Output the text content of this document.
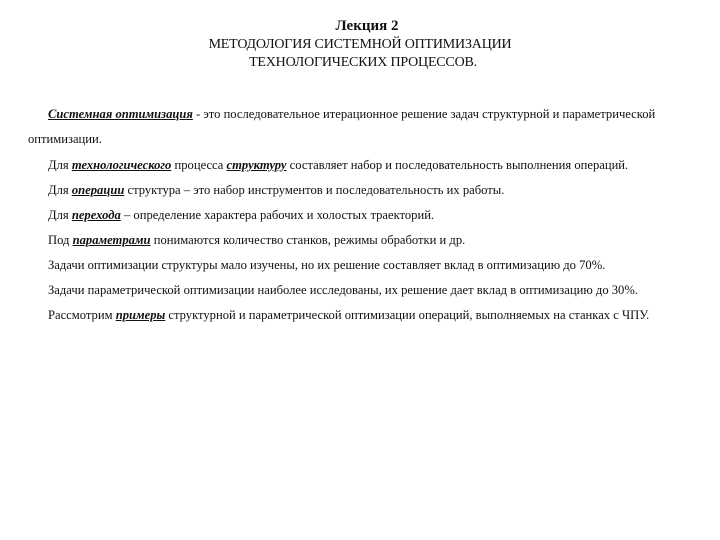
Лекция 2
МЕТОДОЛОГИЯ СИСТЕМНОЙ ОПТИМИЗАЦИИ
ТЕХНОЛОГИЧЕСКИХ ПРОЦЕССОВ.

Системная оптимизация - это последовательное итерационное решение задач структурной и параметрической оптимизации.

Для технологического процесса структуру составляет набор и последовательность выполнения операций.

Для операции структура – это набор инструментов и последовательность их работы.

Для перехода – определение характера рабочих и холостых траекторий.

Под параметрами понимаются количество станков, режимы обработки и др.

Задачи оптимизации структуры мало изучены, но их решение составляет вклад в оптимизацию до 70%.

Задачи параметрической оптимизации наиболее исследованы, их решение дает вклад в оптимизацию до 30%.

Рассмотрим примеры структурной и параметрической оптимизации операций, выполняемых на станках с ЧПУ.
